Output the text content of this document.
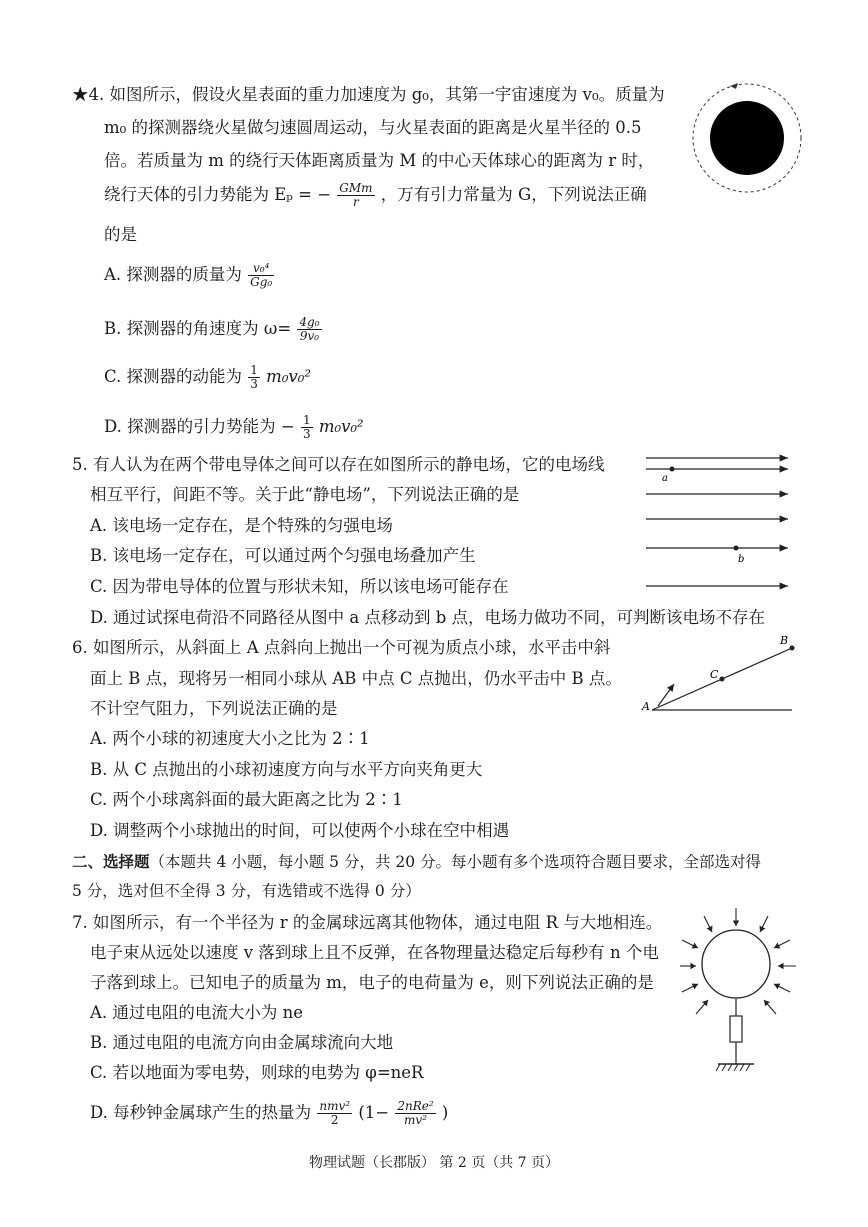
★4. 如图所示，假设火星表面的重力加速度为 g₀，其第一宇宙速度为 v₀。质量为
m₀ 的探测器绕火星做匀速圆周运动，与火星表面的距离是火星半径的 0.5
倍。若质量为 m 的绕行天体距离质量为 M 的中心天体球心的距离为 r 时，
绕行天体的引力势能为 Eₚ = − $\frac{\text{GMm}}{r}$ ，万有引力常量为 G，下列说法正确
的是
A. 探测器的质量为 $\frac{\text{v₀⁴}}{\text{Gg₀}}$
B. 探测器的角速度为 $\omega= \frac{\text{4g₀}}{\text{9v₀}}$
C. 探测器的动能为 $\frac{1}{3} m_0v_0^2$
D. 探测器的引力势能为 − $\frac{1}{3} m_0v_0^2$
5. 有人认为在两个带电导体之间可以存在如图所示的静电场，它的电场线
相互平行，间距不等。关于此“静电场”，下列说法正确的是
A. 该电场一定存在，是个特殊的匀强电场
B. 该电场一定存在，可以通过两个匀强电场叠加产生
C. 因为带电导体的位置与形状未知，所以该电场可能存在
D. 通过试探电荷沿不同路径从图中 a 点移动到 b 点，电场力做功不同，可判断该电场不存在
a
b
6. 如图所示，从斜面上 A 点斜向上抛出一个可视为质点小球，水平击中斜
面上 B 点，现将另一相同小球从 AB 中点 C 点抛出，仍水平击中 B 点。
不计空气阻力，下列说法正确的是
A. 两个小球的初速度大小之比为 2∶1
B. 从 C 点抛出的小球初速度方向与水平方向夹角更大
C. 两个小球离斜面的最大距离之比为 2∶1
D. 调整两个小球抛出的时间，可以使两个小球在空中相遇
A
B
C
二、选择题（本题共 4 小题，每小题 5 分，共 20 分。每小题有多个选项符合题目要求，全部选对得
5 分，选对但不全得 3 分，有选错或不选得 0 分）
7. 如图所示，有一个半径为 r 的金属球远离其他物体，通过电阻 R 与大地相连。
电子束从远处以速度 v 落到球上且不反弹，在各物理量达稳定后每秒有 n 个电
子落到球上。已知电子的质量为 m，电子的电荷量为 e，则下列说法正确的是
A. 通过电阻的电流大小为 ne
B. 通过电阻的电流方向由金属球流向大地
C. 若以地面为零电势，则球的电势为 φ=neR
D. 每秒钟金属球产生的热量为 $\frac{\text{nmv²}}{2} (1- \frac{\text{2nRe²}}{\text{mv²}}$ )
物理试题（长郡版） 第 2 页（共 7 页）
